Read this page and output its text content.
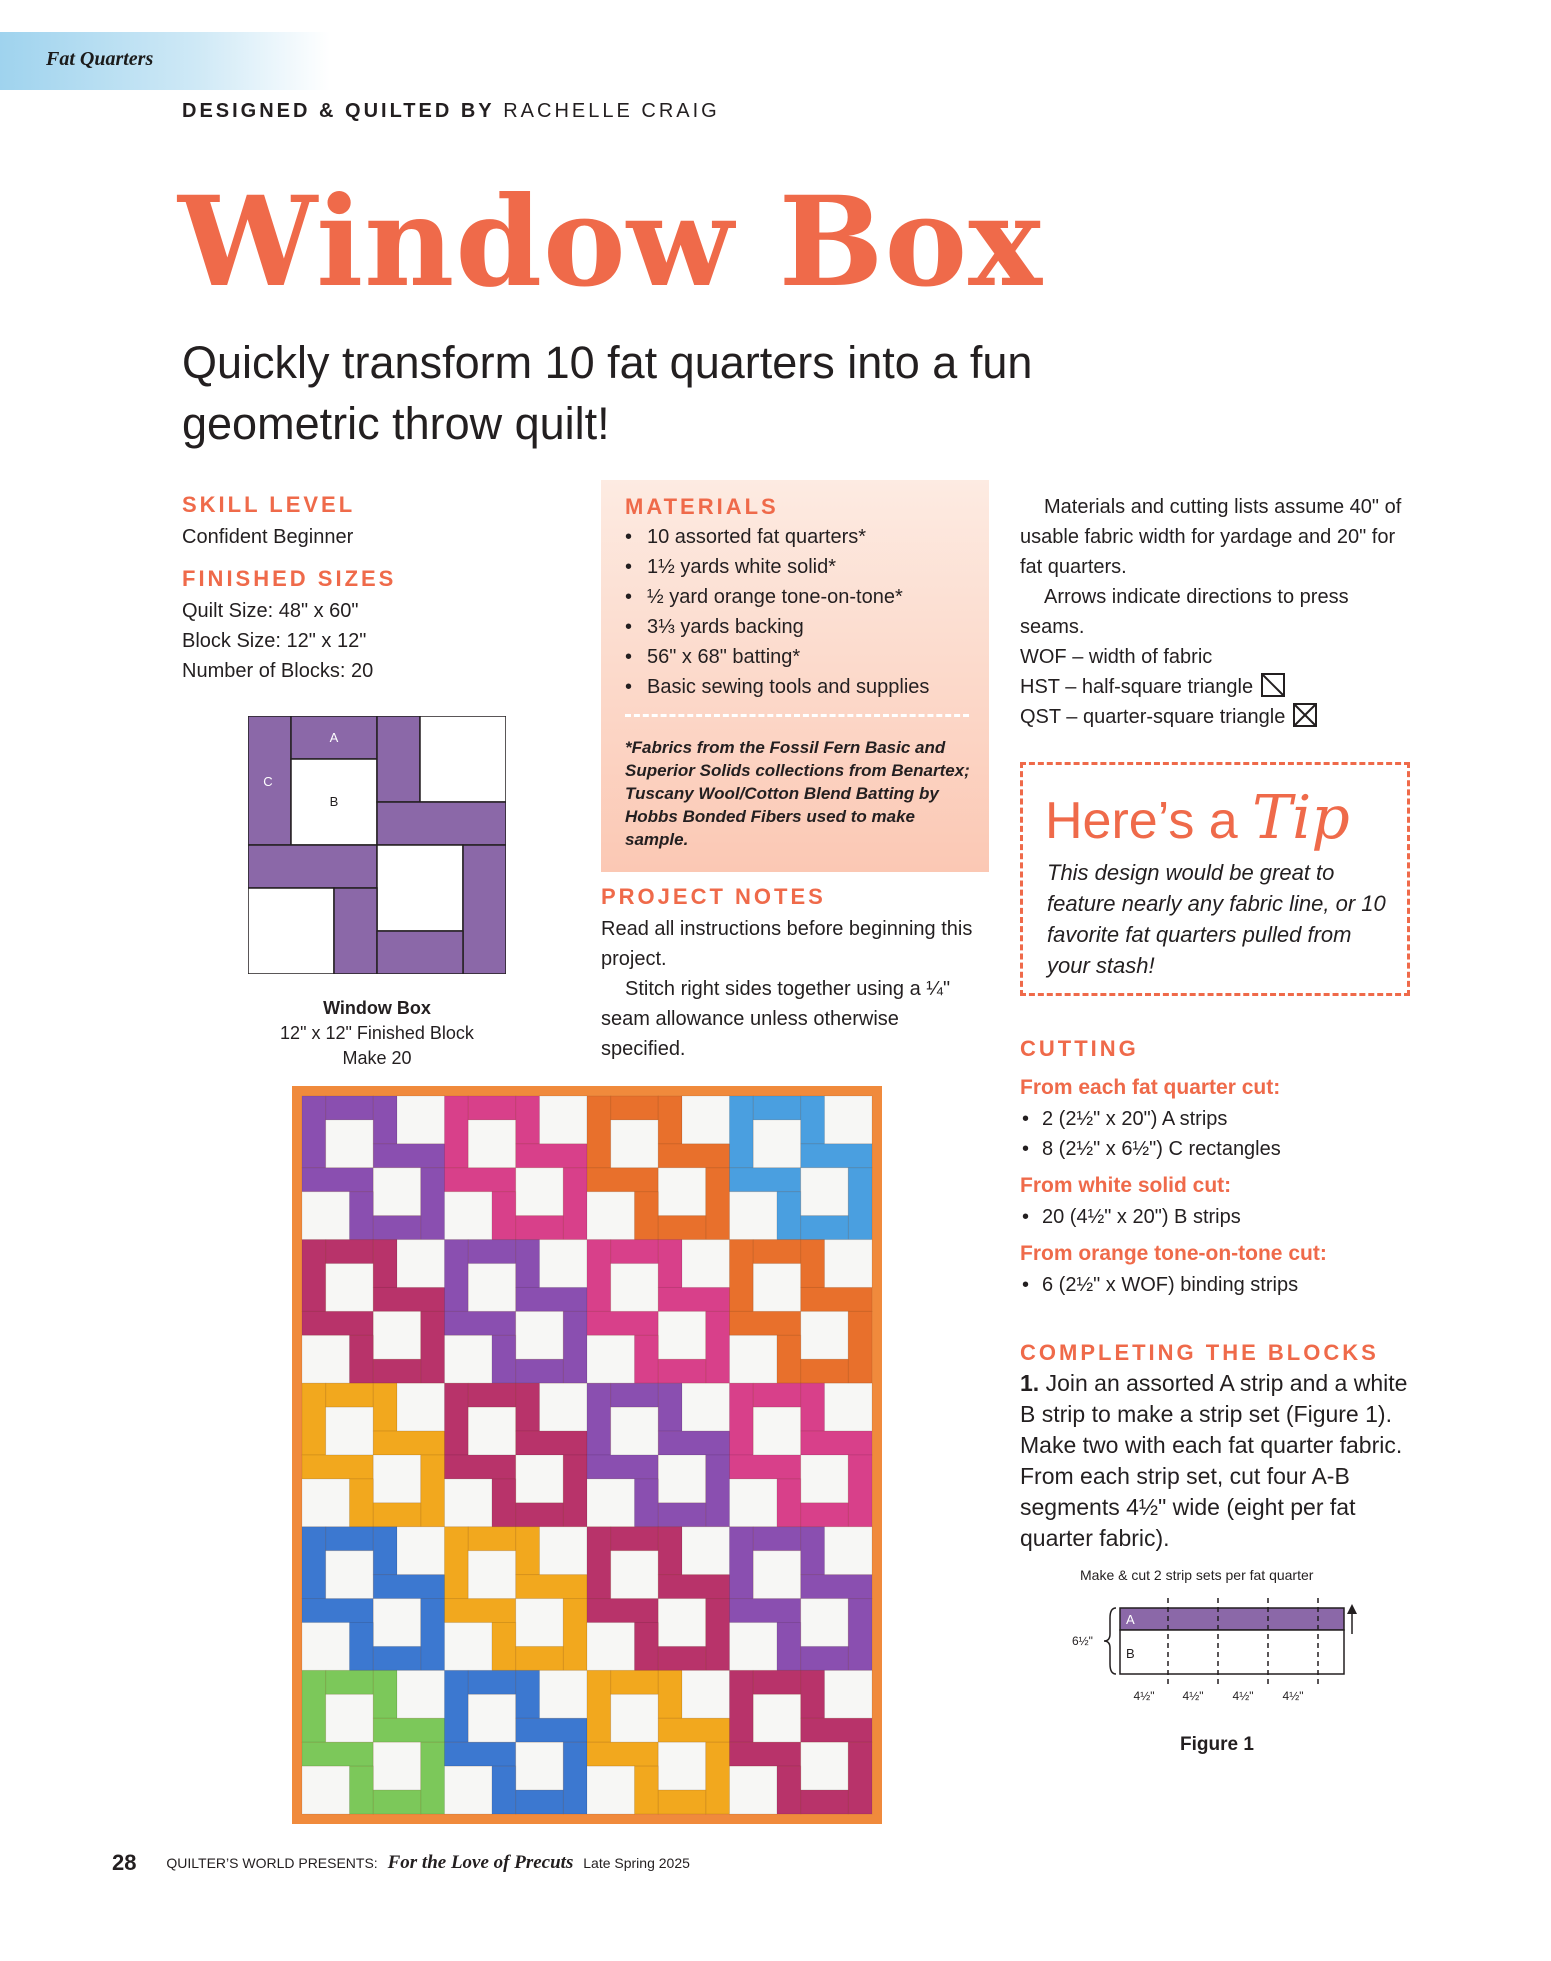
Fat Quarters
DESIGNED & QUILTED BY RACHELLE CRAIG
Window Box
Quickly transform 10 fat quarters into a fun geometric throw quilt!
SKILL LEVEL
Confident Beginner
FINISHED SIZES
Quilt Size: 48" x 60"
Block Size: 12" x 12"
Number of Blocks: 20
A
B
C
Window Box
12" x 12" Finished Block
Make 20
MATERIALS
• 10 assorted fat quarters*
• 1½ yards white solid*
• ½ yard orange tone-on-tone*
• 3⅓ yards backing
• 56" x 68" batting*
• Basic sewing tools and supplies
*Fabrics from the Fossil Fern Basic and Superior Solids collections from Benartex; Tuscany Wool/Cotton Blend Batting by Hobbs Bonded Fibers used to make sample.
PROJECT NOTES
Read all instructions before beginning this project.
Stitch right sides together using a ¼" seam allowance unless otherwise specified.
Materials and cutting lists assume 40" of usable fabric width for yardage and 20" for fat quarters.
Arrows indicate directions to press seams.
WOF – width of fabric
HST – half-square triangle
QST – quarter-square triangle
Here’s a Tip
This design would be great to feature nearly any fabric line, or 10 favorite fat quarters pulled from your stash!
CUTTING
From each fat quarter cut:
• 2 (2½" x 20") A strips
• 8 (2½" x 6½") C rectangles
From white solid cut:
• 20 (4½" x 20") B strips
From orange tone-on-tone cut:
• 6 (2½" x WOF) binding strips
COMPLETING THE BLOCKS
1. Join an assorted A strip and a white B strip to make a strip set (Figure 1). Make two with each fat quarter fabric. From each strip set, cut four A-B segments 4½" wide (eight per fat quarter fabric).
Make & cut 2 strip sets per fat quarter
6½"
A
B
4½" 4½" 4½" 4½"
Figure 1
28 QUILTER’S WORLD PRESENTS: For the Love of Precuts Late Spring 2025
